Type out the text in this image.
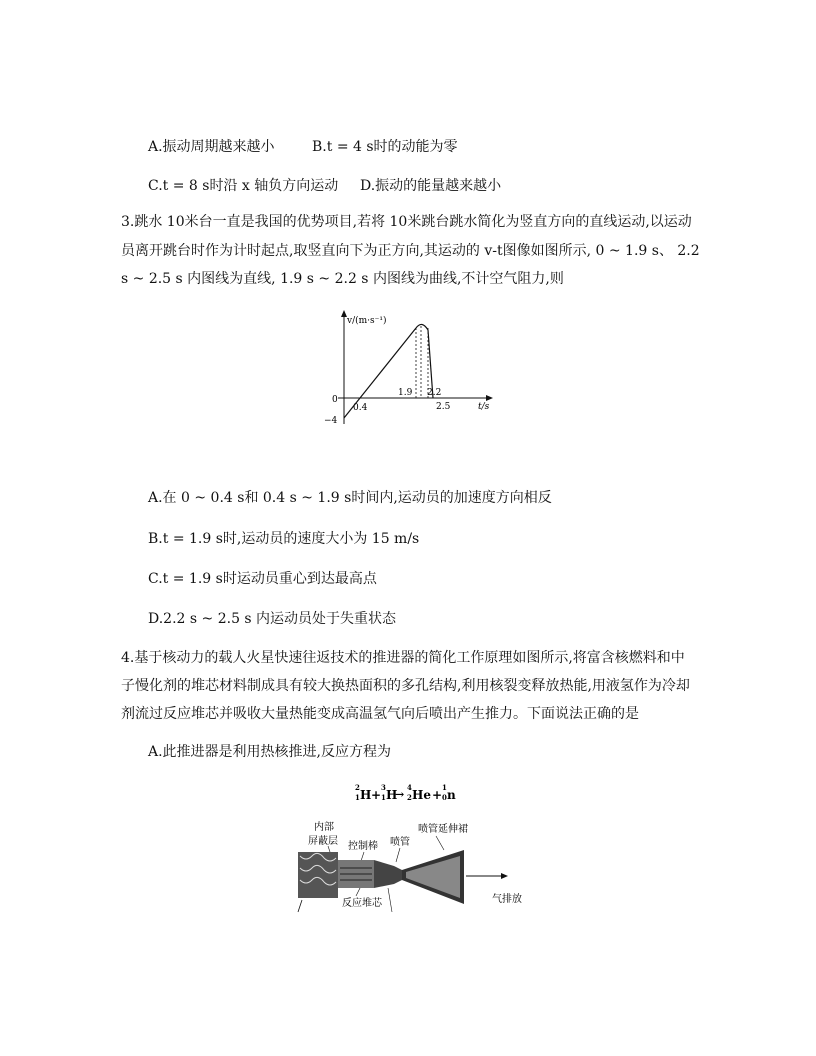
A.振动周期越来越小	B.t = 4 s时的动能为零
C.t = 8 s时沿 x 轴负方向运动 D.振动的能量越来越小
3.跳水 10米台一直是我国的优势项目,若将 10米跳台跳水简化为竖直方向的直线运动,以运动
员离开跳台时作为计时起点,取竖直向下为正方向,其运动的 v-t图像如图所示, 0 ~ 1.9 s、 2.2
s ~ 2.5 s 内图线为直线, 1.9 s ~ 2.2 s 内图线为曲线,不计空气阻力,则
v/(m·s⁻¹)
t/s
0
−4
0.4
1.9 2.2
2.5
A.在 0 ~ 0.4 s和 0.4 s ~ 1.9 s时间内,运动员的加速度方向相反
B.t = 1.9 s时,运动员的速度大小为 15 m/s
C.t = 1.9 s时运动员重心到达最高点
D.2.2 s ~ 2.5 s 内运动员处于失重状态
4.基于核动力的载人火星快速往返技术的推进器的简化工作原理如图所示,将富含核燃料和中
子慢化剂的堆芯材料制成具有较大换热面积的多孔结构,利用核裂变释放热能,用液氢作为冷却
剂流过反应堆芯并吸收大量热能变成高温氢气向后喷出产生推力。下面说法正确的是
A.此推进器是利用热核推进,反应方程为
2
1 H +
3
1 H
→
4
2 He +
1
0 n
内部
屏蔽层 控制棒 喷管
喷管延伸裙
反应堆芯	气排放
